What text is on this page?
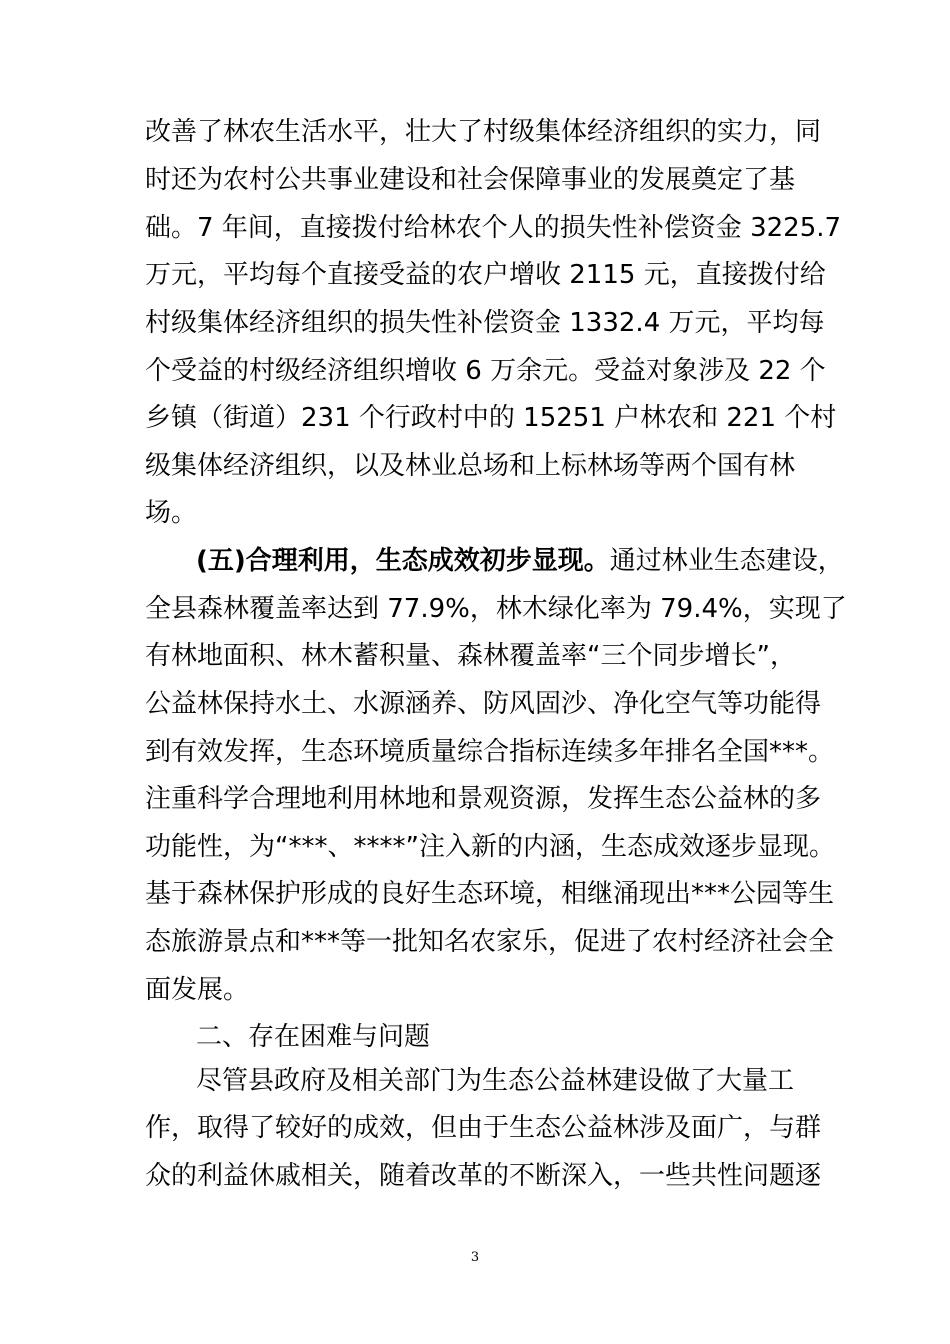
改善了林农生活水平，壮大了村级集体经济组织的实力，同
时还为农村公共事业建设和社会保障事业的发展奠定了基
础。7 年间，直接拨付给林农个人的损失性补偿资金 3225.7
万元，平均每个直接受益的农户增收 2115 元，直接拨付给
村级集体经济组织的损失性补偿资金 1332.4 万元，平均每
个受益的村级经济组织增收 6 万余元。受益对象涉及 22 个
乡镇（街道）231 个行政村中的 15251 户林农和 221 个村
级集体经济组织，以及林业总场和上标林场等两个国有林
场。
(五)合理利用，生态成效初步显现。通过林业生态建设，
全县森林覆盖率达到 77.9%，林木绿化率为 79.4%，实现了
有林地面积、林木蓄积量、森林覆盖率“三个同步增长”，
公益林保持水土、水源涵养、防风固沙、净化空气等功能得
到有效发挥，生态环境质量综合指标连续多年排名全国***。
注重科学合理地利用林地和景观资源，发挥生态公益林的多
功能性，为“***、****”注入新的内涵，生态成效逐步显现。
基于森林保护形成的良好生态环境，相继涌现出***公园等生
态旅游景点和***等一批知名农家乐，促进了农村经济社会全
面发展。
二、存在困难与问题
尽管县政府及相关部门为生态公益林建设做了大量工
作，取得了较好的成效，但由于生态公益林涉及面广，与群
众的利益休戚相关，随着改革的不断深入，一些共性问题逐
3
